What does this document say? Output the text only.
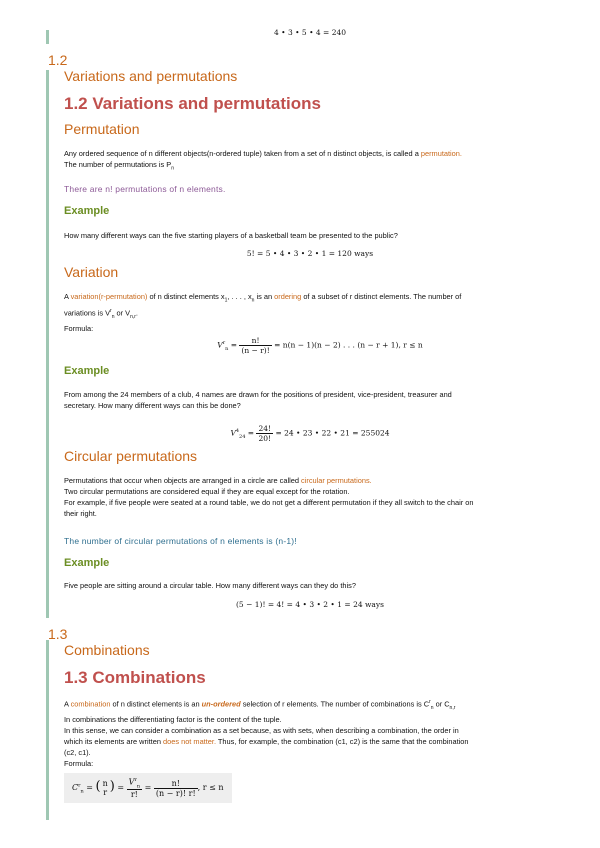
4 • 3 • 5 • 4 = 240
1.2
Variations and permutations
1.2 Variations and permutations
Permutation

Any ordered sequence of n different objects(n-ordered tuple) taken from a set of n distinct objects, is called a permutation.

The number of permutations is $P_n$

There are n! permutations of n elements.
Example

How many different ways can the five starting players of a basketball team be presented to the public?

5! = 5 • 4 • 3 • 2 • 1 = 120 ways
Variation

A variation(r-permutation) of n distinct elements $x_1$, . . . , $x_n$ is an ordering of a subset of r distinct elements. The number of

variations is $V^r_n$ or $V_{n,r}$.

Formula:

$V^r_n = \frac{n!}{(n - r)!} = n(n - 1)(n - 2)$ . . . (n − r + 1), r ≤ n
Example

From among the 24 members of a club, 4 names are drawn for the positions of president, vice-president, treasurer and

secretary. How many different ways can this be done?

$V^4_{24} = \frac{24!}{20!} = 24$ • 23 • 22 • 21 = 255024
Circular permutations

Permutations that occur when objects are arranged in a circle are called circular permutations.

Two circular permutations are considered equal if they are equal except for the rotation.

For example, if five people were seated at a round table, we do not get a different permutation if they all switch to the chair on

their right.

The number of circular permutations of n elements is (n-1)!
Example

Five people are sitting around a circular table. How many different ways can they do this?

(5 − 1)! = 4! = 4 • 3 • 2 • 1 = 24 ways
1.3
Combinations
1.3 Combinations

A combination of n distinct elements is an un-ordered selection of r elements. The number of combinations is $C^r_n$ or $C_{n,r}$

In combinations the differentiating factor is the content of the tuple.

In this sense, we can consider a combination as a set because, as with sets, when describing a combination, the order in

which its elements are written does not matter. Thus, for example, the combination (c1, c2) is the same that the combination

(c2, c1).

Formula:

$C^r_n$ = ( n
r ) = $\frac{V^r_n}{r!} = \frac{n!}{(n - r)! r!}$ , r ≤ n
